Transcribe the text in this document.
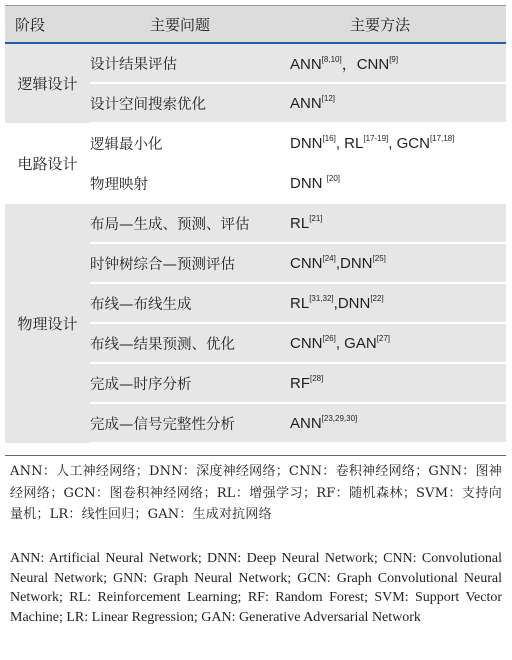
阶段	主要问题	主要方法
逻辑设计	设计结果评估	ANN[8,10]，CNN[9]
	设计空间搜索优化	ANN[12]
电路设计	逻辑最小化	DNN[16], RL[17-19], GCN[17,18]
	物理映射	DNN [20]
物理设计	布局—生成、预测、评估	RL[21]
	时钟树综合—预测评估	CNN[24],DNN[25]
	布线—布线生成	RL[31,32],DNN[22]
	布线—结果预测、优化	CNN[26], GAN[27]
	完成—时序分析	RF[28]
	完成—信号完整性分析	ANN[23,29,30]
ANN：人工神经网络；DNN：深度神经网络；CNN：卷积神经网络；GNN：图神经网络；GCN：图卷积神经网络；RL：增强学习；RF：随机森林；SVM：支持向量机；LR：线性回归；GAN：生成对抗网络
ANN: Artificial Neural Network; DNN: Deep Neural Network; CNN: Convolutional Neural Network; GNN: Graph Neural Network; GCN: Graph Convolutional Neural Network; RL: Reinforcement Learning; RF: Random Forest; SVM: Support Vector Machine; LR: Linear Regression; GAN: Generative Adversarial Network
